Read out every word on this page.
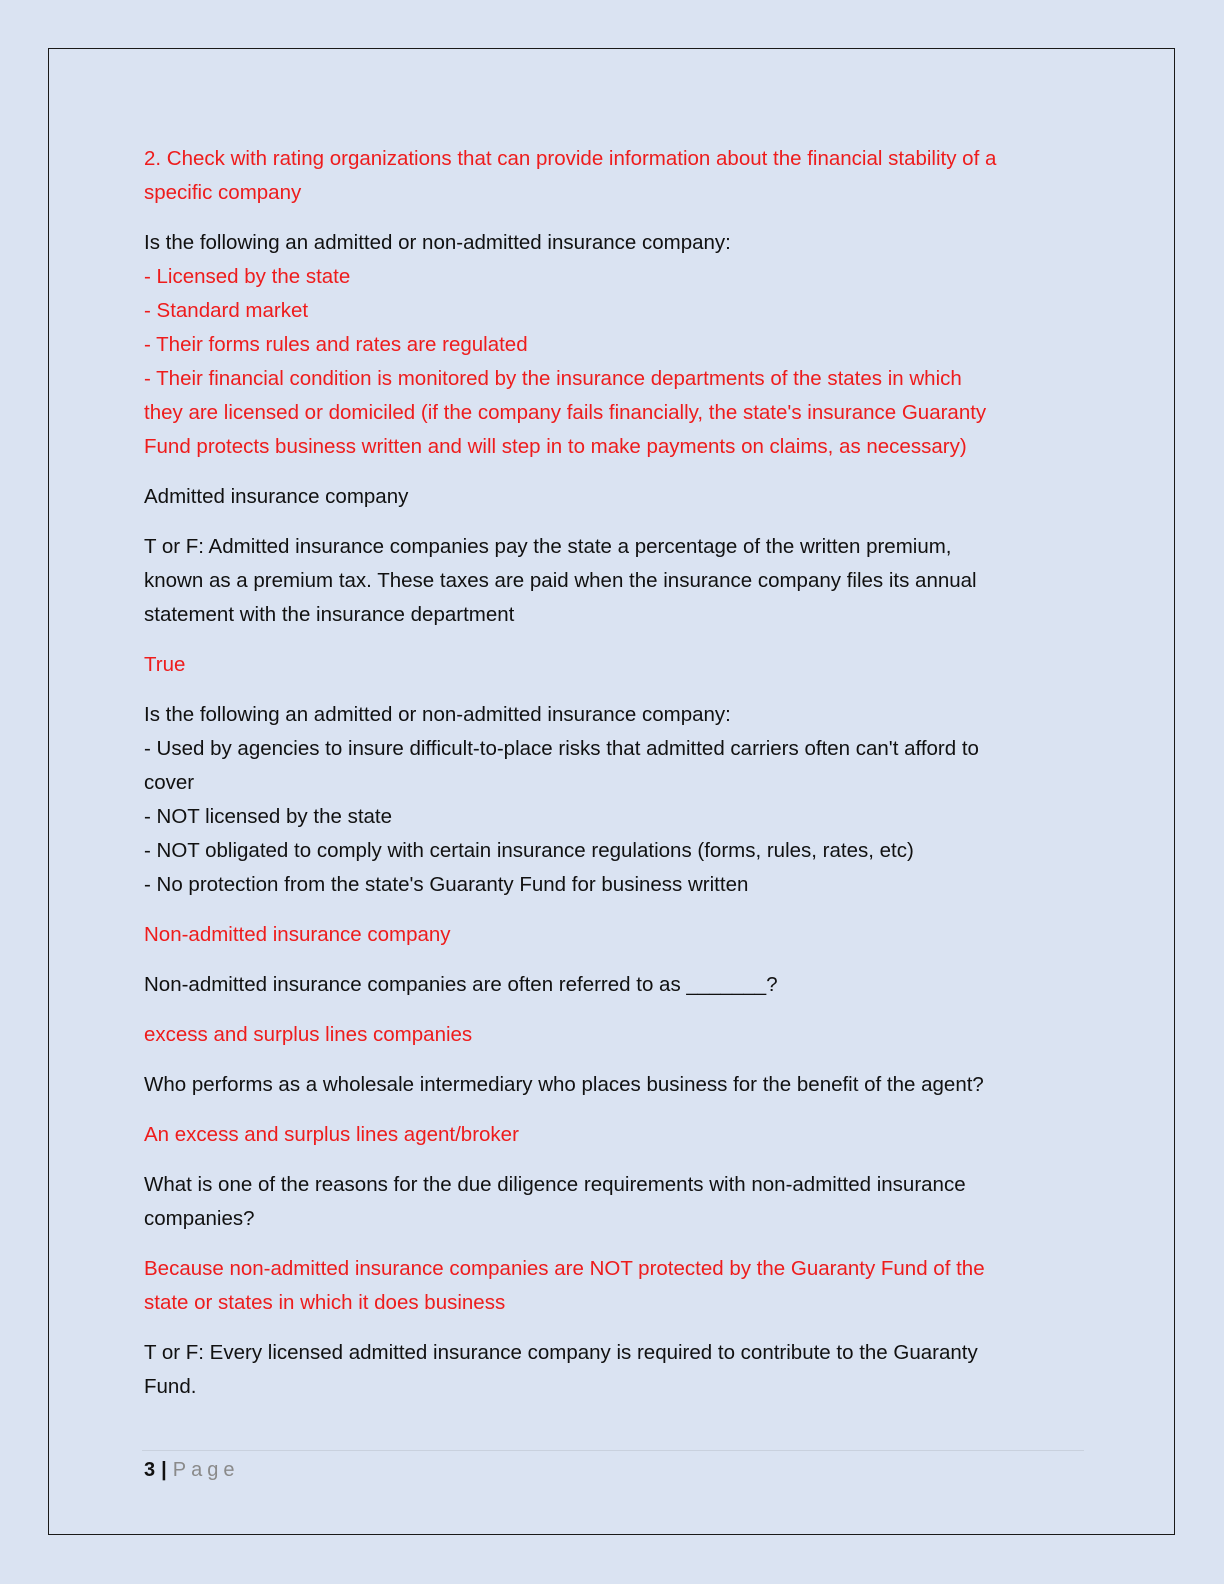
2. Check with rating organizations that can provide information about the financial stability of a
specific company

Is the following an admitted or non-admitted insurance company:
- Licensed by the state
- Standard market
- Their forms rules and rates are regulated
- Their financial condition is monitored by the insurance departments of the states in which
they are licensed or domiciled (if the company fails financially, the state's insurance Guaranty
Fund protects business written and will step in to make payments on claims, as necessary)

Admitted insurance company

T or F: Admitted insurance companies pay the state a percentage of the written premium,
known as a premium tax. These taxes are paid when the insurance company files its annual
statement with the insurance department

True

Is the following an admitted or non-admitted insurance company:
- Used by agencies to insure difficult-to-place risks that admitted carriers often can't afford to
cover
- NOT licensed by the state
- NOT obligated to comply with certain insurance regulations (forms, rules, rates, etc)
- No protection from the state's Guaranty Fund for business written

Non-admitted insurance company

Non-admitted insurance companies are often referred to as _______?

excess and surplus lines companies

Who performs as a wholesale intermediary who places business for the benefit of the agent?

An excess and surplus lines agent/broker

What is one of the reasons for the due diligence requirements with non-admitted insurance
companies?

Because non-admitted insurance companies are NOT protected by the Guaranty Fund of the
state or states in which it does business

T or F: Every licensed admitted insurance company is required to contribute to the Guaranty
Fund.

3 | Page
